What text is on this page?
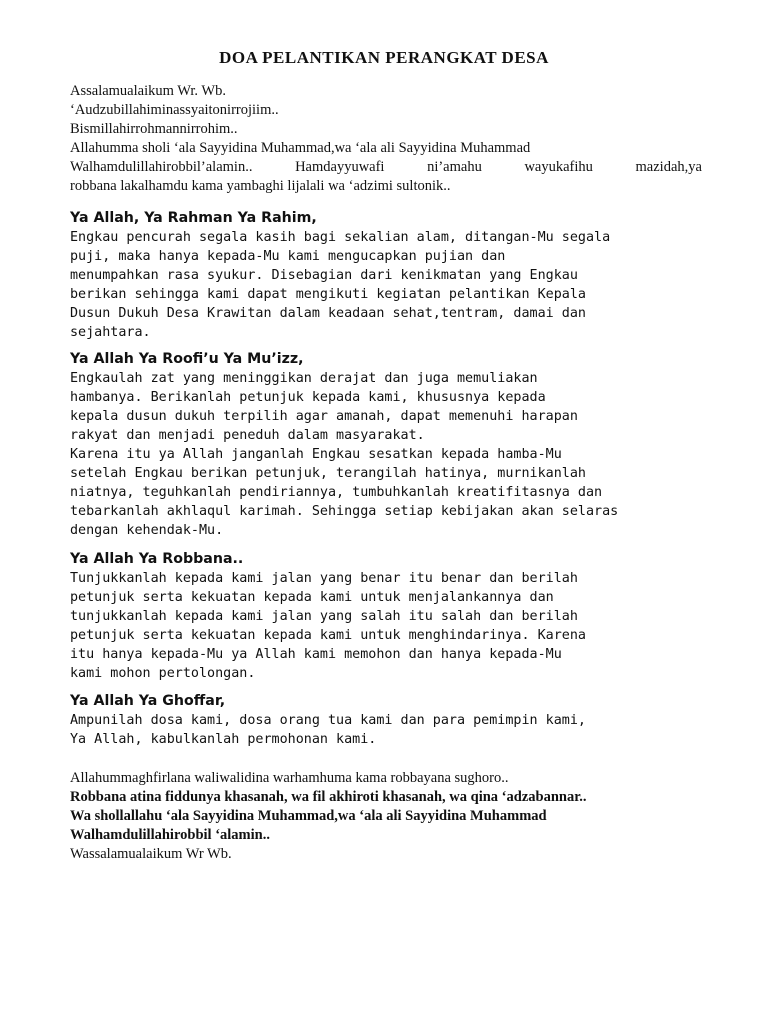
DOA PELANTIKAN PERANGKAT DESA
Assalamualaikum Wr. Wb.
‘Audzubillahiminassyaitonirrojiim..
Bismillahirrohmannirrohim..
Allahumma sholi ‘ala Sayyidina Muhammad,wa ‘ala ali Sayyidina Muhammad
Walhamdulillahirobbil’alamin..	Hamdayyuwafi	ni’amahu	wayukafihu	mazidah,ya
robbana lakalhamdu kama yambaghi lijalali wa ‘adzimi sultonik..
Ya Allah, Ya Rahman Ya Rahim,
Engkau pencurah segala kasih bagi sekalian alam, ditangan-Mu segala
puji, maka hanya kepada-Mu kami mengucapkan pujian dan
menumpahkan rasa syukur. Disebagian dari kenikmatan yang Engkau
berikan sehingga kami dapat mengikuti kegiatan pelantikan Kepala
Dusun Dukuh Desa Krawitan dalam keadaan sehat,tentram, damai dan
sejahtara.
Ya Allah Ya Roofi’u Ya Mu’izz,
Engkaulah zat yang meninggikan derajat dan juga memuliakan
hambanya. Berikanlah petunjuk kepada kami, khususnya kepada
kepala dusun dukuh terpilih agar amanah, dapat memenuhi harapan
rakyat dan menjadi peneduh dalam masyarakat.
Karena itu ya Allah janganlah Engkau sesatkan kepada hamba-Mu
setelah Engkau berikan petunjuk, terangilah hatinya, murnikanlah
niatnya, teguhkanlah pendiriannya, tumbuhkanlah kreatifitasnya dan
tebarkanlah akhlaqul karimah. Sehingga setiap kebijakan akan selaras
dengan kehendak-Mu.
Ya Allah Ya Robbana..
Tunjukkanlah kepada kami jalan yang benar itu benar dan berilah
petunjuk serta kekuatan kepada kami untuk menjalankannya dan
tunjukkanlah kepada kami jalan yang salah itu salah dan berilah
petunjuk serta kekuatan kepada kami untuk menghindarinya. Karena
itu hanya kepada-Mu ya Allah kami memohon dan hanya kepada-Mu
kami mohon pertolongan.
Ya Allah Ya Ghoffar,
Ampunilah dosa kami, dosa orang tua kami dan para pemimpin kami,
Ya Allah, kabulkanlah permohonan kami.
Allahummaghfirlana waliwalidina warhamhuma kama robbayana sughoro..
Robbana atina fiddunya khasanah, wa fil akhiroti khasanah, wa qina ‘adzabannar..
Wa shollallahu ‘ala Sayyidina Muhammad,wa ‘ala ali Sayyidina Muhammad
Walhamdulillahirobbil ‘alamin..
Wassalamualaikum Wr Wb.
